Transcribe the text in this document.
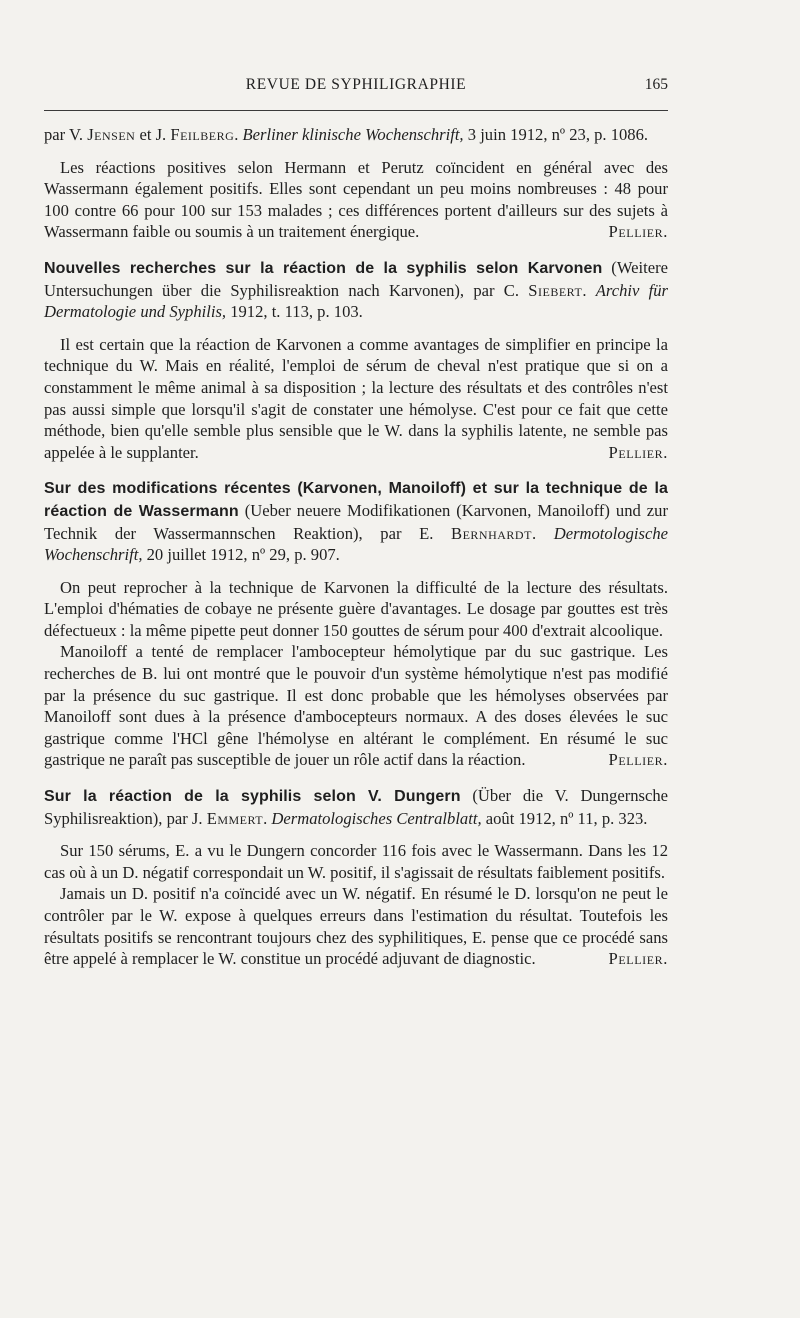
REVUE DE SYPHILIGRAPHIE	165

par V. Jensen et J. Feilberg. Berliner klinische Wochenschrift, 3 juin 1912, nº 23, p. 1086.

Les réactions positives selon Hermann et Perutz coïncident en général avec des Wassermann également positifs. Elles sont cependant un peu moins nombreuses : 48 pour 100 contre 66 pour 100 sur 153 malades ; ces différences portent d'ailleurs sur des sujets à Wassermann faible ou soumis à un traitement énergique.	Pellier.

Nouvelles recherches sur la réaction de la syphilis selon Karvonen (Weitere Untersuchungen über die Syphilisreaktion nach Karvonen), par C. Siebert. Archiv für Dermatologie und Syphilis, 1912, t. 113, p. 103.

Il est certain que la réaction de Karvonen a comme avantages de simplifier en principe la technique du W. Mais en réalité, l'emploi de sérum de cheval n'est pratique que si on a constamment le même animal à sa disposition ; la lecture des résultats et des contrôles n'est pas aussi simple que lorsqu'il s'agit de constater une hémolyse. C'est pour ce fait que cette méthode, bien qu'elle semble plus sensible que le W. dans la syphilis latente, ne semble pas appelée à le supplanter.	Pellier.

Sur des modifications récentes (Karvonen, Manoiloff) et sur la technique de la réaction de Wassermann (Ueber neuere Modifikationen (Karvonen, Manoiloff) und zur Technik der Wassermannschen Reaktion), par E. Bernhardt. Dermotologische Wochenschrift, 20 juillet 1912, nº 29, p. 907.

On peut reprocher à la technique de Karvonen la difficulté de la lecture des résultats. L'emploi d'hématies de cobaye ne présente guère d'avantages. Le dosage par gouttes est très défectueux : la même pipette peut donner 150 gouttes de sérum pour 400 d'extrait alcoolique.

Manoiloff a tenté de remplacer l'ambocepteur hémolytique par du suc gastrique. Les recherches de B. lui ont montré que le pouvoir d'un système hémolytique n'est pas modifié par la présence du suc gastrique. Il est donc probable que les hémolyses observées par Manoiloff sont dues à la présence d'ambocepteurs normaux. A des doses élevées le suc gastrique comme l'HCl gêne l'hémolyse en altérant le complément. En résumé le suc gastrique ne paraît pas susceptible de jouer un rôle actif dans la réaction.	Pellier.

Sur la réaction de la syphilis selon V. Dungern (Über die V. Dungernsche Syphilisreaktion), par J. Emmert. Dermatologisches Centralblatt, août 1912, nº 11, p. 323.

Sur 150 sérums, E. a vu le Dungern concorder 116 fois avec le Wassermann. Dans les 12 cas où à un D. négatif correspondait un W. positif, il s'agissait de résultats faiblement positifs.

Jamais un D. positif n'a coïncidé avec un W. négatif. En résumé le D. lorsqu'on ne peut le contrôler par le W. expose à quelques erreurs dans l'estimation du résultat. Toutefois les résultats positifs se rencontrant toujours chez des syphilitiques, E. pense que ce procédé sans être appelé à remplacer le W. constitue un procédé adjuvant de diagnostic.	Pellier.
